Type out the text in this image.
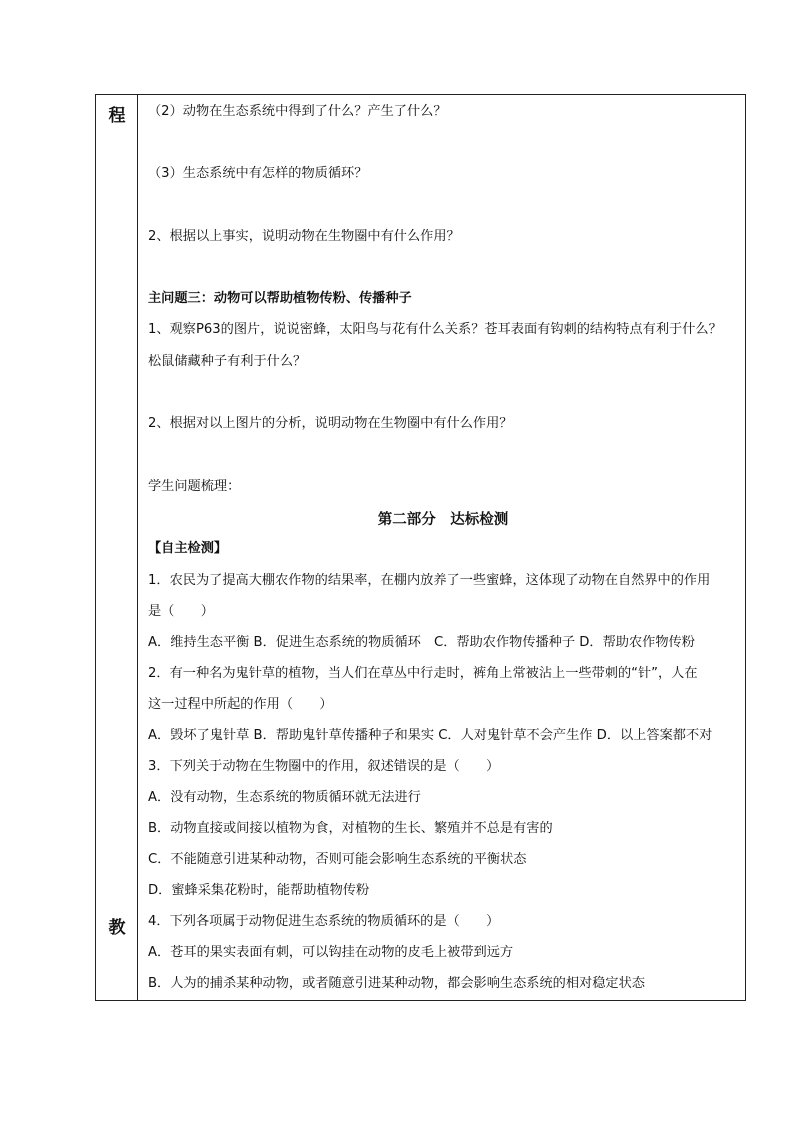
程
教
（2）动物在生态系统中得到了什么？产生了什么？
（3）生态系统中有怎样的物质循环？
2、根据以上事实，说明动物在生物圈中有什么作用？
主问题三：动物可以帮助植物传粉、传播种子
1、观察P63的图片，说说密蜂，太阳鸟与花有什么关系？苍耳表面有钩刺的结构特点有利于什么？
松鼠储藏种子有利于什么？
2、根据对以上图片的分析，说明动物在生物圈中有什么作用？
学生问题梳理：
第二部分　达标检测
【自主检测】
1．农民为了提高大棚农作物的结果率，在棚内放养了一些蜜蜂，这体现了动物在自然界中的作用
是（　　）
A．维持生态平衡 B．促进生态系统的物质循环　C．帮助农作物传播种子 D．帮助农作物传粉
2．有一种名为鬼针草的植物，当人们在草丛中行走时，裤角上常被沾上一些带刺的“针”，人在
这一过程中所起的作用（　　）
A．毁坏了鬼针草 B．帮助鬼针草传播种子和果实 C．人对鬼针草不会产生作 D．以上答案都不对
3．下列关于动物在生物圈中的作用，叙述错误的是（　　）
A．没有动物，生态系统的物质循环就无法进行
B．动物直接或间接以植物为食，对植物的生长、繁殖并不总是有害的
C．不能随意引进某种动物，否则可能会影响生态系统的平衡状态
D．蜜蜂采集花粉时，能帮助植物传粉
4．下列各项属于动物促进生态系统的物质循环的是（　　）
A．苍耳的果实表面有刺，可以钩挂在动物的皮毛上被带到远方
B．人为的捕杀某种动物，或者随意引进某种动物，都会影响生态系统的相对稳定状态
